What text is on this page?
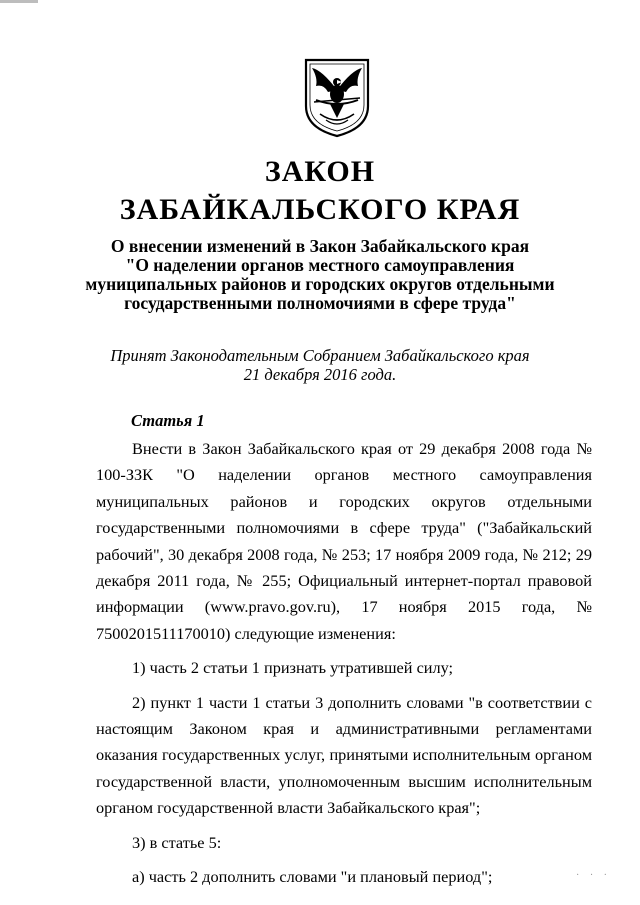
ЗАКОН
ЗАБАЙКАЛЬСКОГО КРАЯ
О внесении изменений в Закон Забайкальского края
"О наделении органов местного самоуправления
муниципальных районов и городских округов отдельными
государственными полномочиями в сфере труда"
Принят Законодательным Собранием Забайкальского края
21 декабря 2016 года.
Статья 1

Внести в Закон Забайкальского края от 29 декабря 2008 года № 100-ЗЗК "О наделении органов местного самоуправления муниципальных районов и городских округов отдельными государственными полномочиями в сфере труда" ("Забайкальский рабочий", 30 декабря 2008 года, № 253; 17 ноября 2009 года, № 212; 29 декабря 2011 года, № 255; Официальный интернет-портал правовой информации (www.pravo.gov.ru), 17 ноября 2015 года, № 7500201511170010) следующие изменения:

1) часть 2 статьи 1 признать утратившей силу;

2) пункт 1 части 1 статьи 3 дополнить словами "в соответствии с настоящим Законом края и административными регламентами оказания государственных услуг, принятыми исполнительным органом государственной власти, уполномоченным высшим исполнительным органом государственной власти Забайкальского края";

3) в статье 5:

а) часть 2 дополнить словами "и плановый период";	· · ·
